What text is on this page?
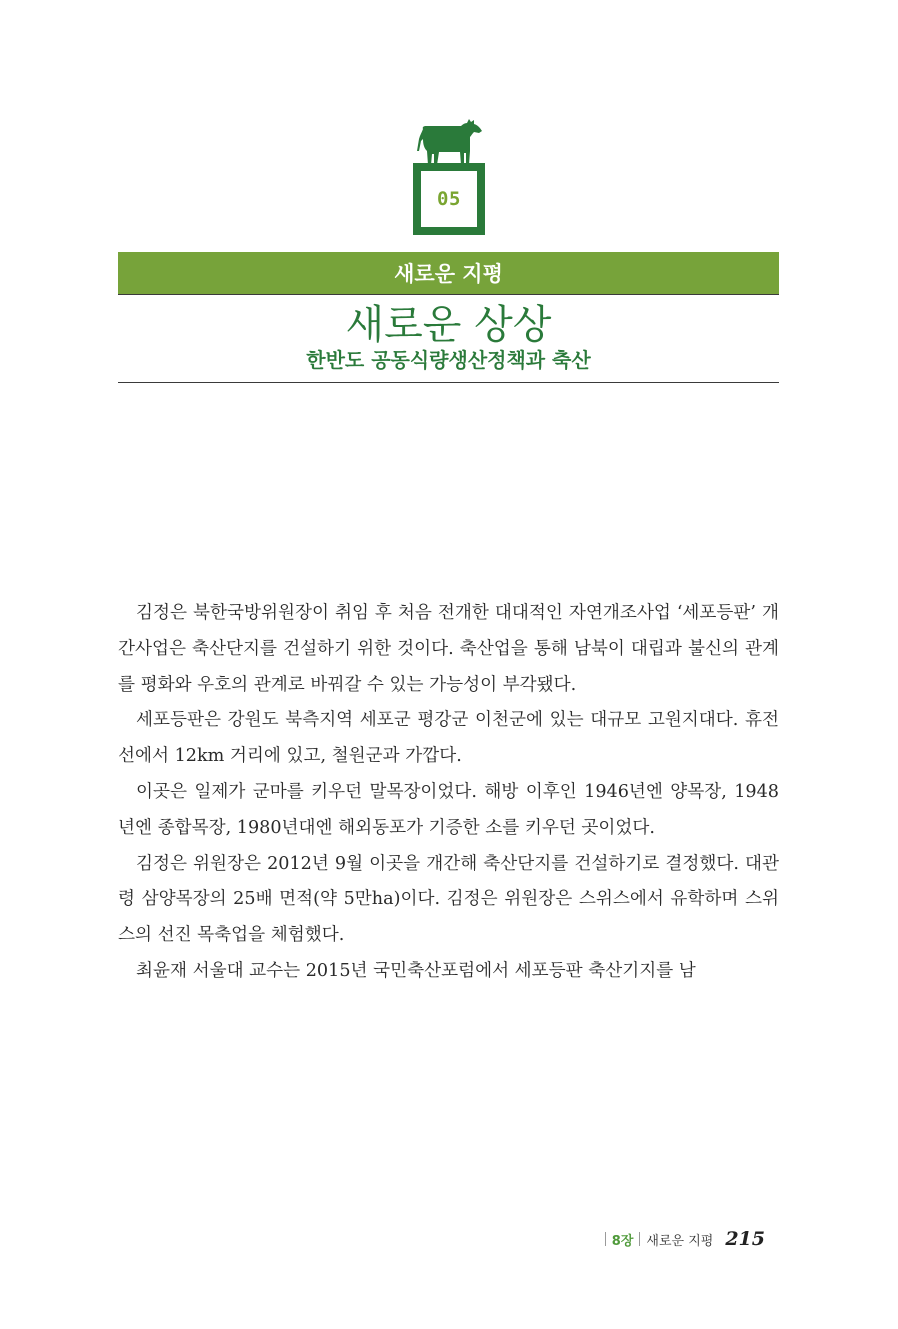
05
새로운 지평
새로운 상상
한반도 공동식량생산정책과 축산

김정은 북한국방위원장이 취임 후 처음 전개한 대대적인 자연개조사업 ‘세포등판’ 개간사업은 축산단지를 건설하기 위한 것이다. 축산업을 통해 남북이 대립과 불신의 관계를 평화와 우호의 관계로 바꿔갈 수 있는 가능성이 부각됐다.

세포등판은 강원도 북측지역 세포군 평강군 이천군에 있는 대규모 고원지대다. 휴전선에서 12km 거리에 있고, 철원군과 가깝다.

이곳은 일제가 군마를 키우던 말목장이었다. 해방 이후인 1946년엔 양목장, 1948년엔 종합목장, 1980년대엔 해외동포가 기증한 소를 키우던 곳이었다.

김정은 위원장은 2012년 9월 이곳을 개간해 축산단지를 건설하기로 결정했다. 대관령 삼양목장의 25배 면적(약 5만ha)이다. 김정은 위원장은 스위스에서 유학하며 스위스의 선진 목축업을 체험했다.

최윤재 서울대 교수는 2015년 국민축산포럼에서 세포등판 축산기지를 남

8장 새로운 지평 215
